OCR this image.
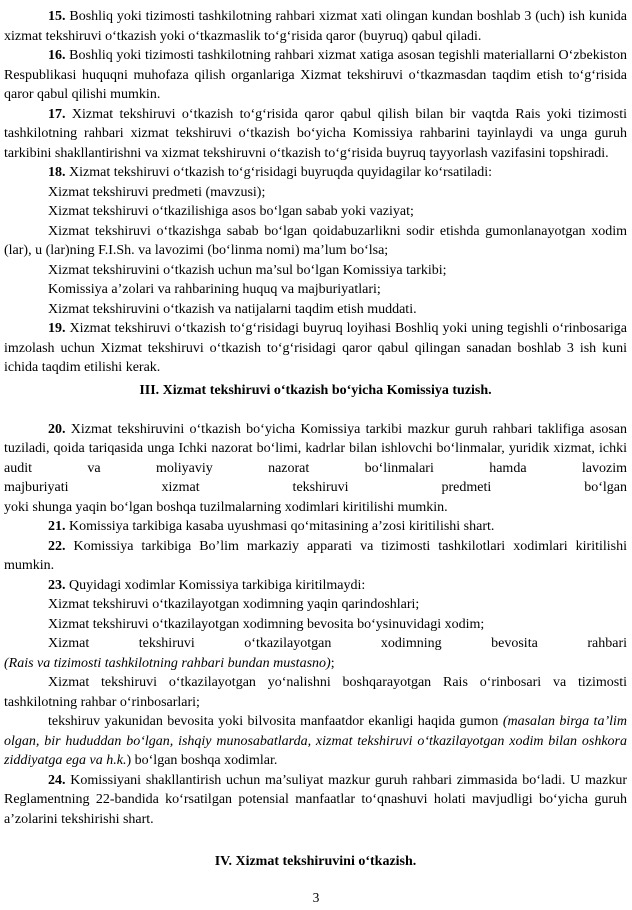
15. Boshliq yoki tizimosti tashkilotning rahbari xizmat xati olingan kundan boshlab 3 (uch) ish kunida xizmat tekshiruvi o‘tkazish yoki o‘tkazmaslik to‘g‘risida qaror (buyruq) qabul qiladi.

16. Boshliq yoki tizimosti tashkilotning rahbari xizmat xatiga asosan tegishli materiallarni O‘zbekiston Respublikasi huquqni muhofaza qilish organlariga Xizmat tekshiruvi o‘tkazmasdan taqdim etish to‘g‘risida qaror qabul qilishi mumkin.

17. Xizmat tekshiruvi o‘tkazish to‘g‘risida qaror qabul qilish bilan bir vaqtda Rais yoki tizimosti tashkilotning rahbari xizmat tekshiruvi o‘tkazish bo‘yicha Komissiya rahbarini tayinlaydi va unga guruh tarkibini shakllantirishni va xizmat tekshiruvni o‘tkazish to‘g‘risida buyruq tayyorlash vazifasini topshiradi.

18. Xizmat tekshiruvi o‘tkazish to‘g‘risidagi buyruqda quyidagilar ko‘rsatiladi:

Xizmat tekshiruvi predmeti (mavzusi);

Xizmat tekshiruvi o‘tkazilishiga asos bo‘lgan sabab yoki vaziyat;

Xizmat tekshiruvi o‘tkazishga sabab bo‘lgan qoidabuzarlikni sodir etishda gumonlanayotgan xodim (lar), u (lar)ning F.I.Sh. va lavozimi (bo‘linma nomi) ma’lum bo‘lsa;

Xizmat tekshiruvini o‘tkazish uchun ma’sul bo‘lgan Komissiya tarkibi;

Komissiya a’zolari va rahbarining huquq va majburiyatlari;

Xizmat tekshiruvini o‘tkazish va natijalarni taqdim etish muddati.

19. Xizmat tekshiruvi o‘tkazish to‘g‘risidagi buyruq loyihasi Boshliq yoki uning tegishli o‘rinbosariga imzolash uchun Xizmat tekshiruvi o‘tkazish to‘g‘risidagi qaror qabul qilingan sanadan boshlab 3 ish kuni ichida taqdim etilishi kerak.

III. Xizmat tekshiruvi o‘tkazish bo‘yicha Komissiya tuzish.

20. Xizmat tekshiruvini o‘tkazish bo‘yicha Komissiya tarkibi mazkur guruh rahbari taklifiga asosan tuziladi, qoida tariqasida unga Ichki nazorat bo‘limi, kadrlar bilan ishlovchi bo‘linmalar, yuridik xizmat, ichki audit va moliyaviy nazorat bo‘linmalari hamda lavozim majburiyati xizmat tekshiruvi predmeti bo‘lganyoki shunga yaqin bo‘lgan boshqa tuzilmalarning xodimlari kiritilishi mumkin.

21. Komissiya tarkibiga kasaba uyushmasi qo‘mitasining a’zosi kiritilishi shart.

22. Komissiya tarkibiga Bo’lim markaziy apparati va tizimosti tashkilotlari xodimlari kiritilishi mumkin.

23. Quyidagi xodimlar Komissiya tarkibiga kiritilmaydi:

Xizmat tekshiruvi o‘tkazilayotgan xodimning yaqin qarindoshlari;

Xizmat tekshiruvi o‘tkazilayotgan xodimning bevosita bo‘ysinuvidagi xodim;

Xizmat tekshiruvi o‘tkazilayotgan xodimning bevosita rahbari(Rais va tizimosti tashkilotning rahbari bundan mustasno);

Xizmat tekshiruvi o‘tkazilayotgan yo‘nalishni boshqarayotgan Rais o‘rinbosari va tizimosti tashkilotning rahbar o‘rinbosarlari;

tekshiruv yakunidan bevosita yoki bilvosita manfaatdor ekanligi haqida gumon (masalan birga ta’lim olgan, bir hududdan bo‘lgan, ishqiy munosabatlarda, xizmat tekshiruvi o‘tkazilayotgan xodim bilan oshkora ziddiyatga ega va h.k.) bo‘lgan boshqa xodimlar.

24. Komissiyani shakllantirish uchun ma’suliyat mazkur guruh rahbari zimmasida bo‘ladi. U mazkur Reglamentning 22-bandida ko‘rsatilgan potensial manfaatlar to‘qnashuvi holati mavjudligi bo‘yicha guruh a’zolarini tekshirishi shart.

IV. Xizmat tekshiruvini o‘tkazish.

3
